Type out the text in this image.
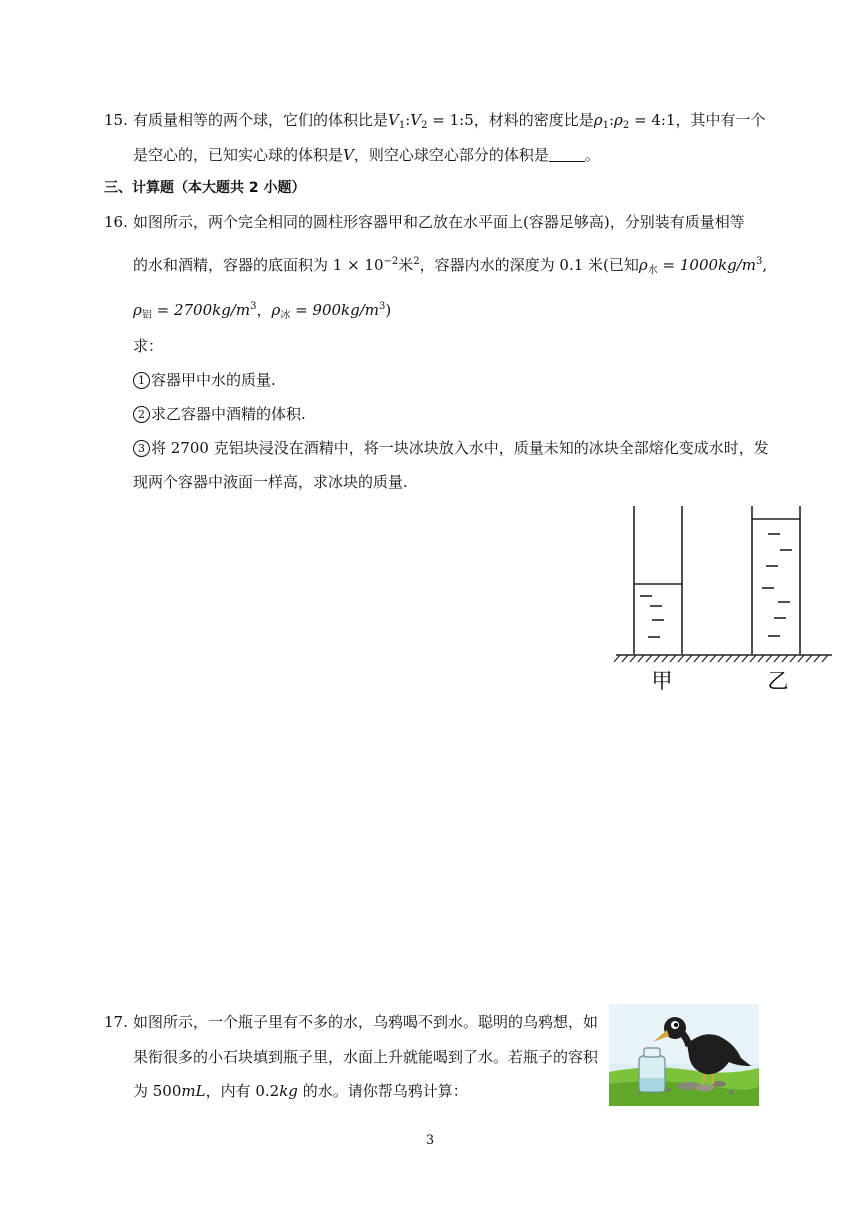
15. 有质量相等的两个球，它们的体积比是$V_1:V_2$ = 1:5，材料的密度比是$\rho_1:\rho_2$ = 4:1，其中有一个
是空心的，已知实心球的体积是V，则空心球空心部分的体积是 。
三、计算题（本大题共 2 小题）
16. 如图所示，两个完全相同的圆柱形容器甲和乙放在水平面上(容器足够高)，分别装有质量相等
的水和酒精，容器的底面积为 $1 \times 10^{-2}$米$^2$，容器内水的深度为 0.1 米(已知$\rho_水 = 1000kg/m^3$,
$\rho_铝 = 2700kg/m^3$，$\rho_冰 = 900kg/m^3$)
求：
1 容器甲中水的质量.
2 求乙容器中酒精的体积.
3 将 2700 克铝块浸没在酒精中，将一块冰块放入水中，质量未知的冰块全部熔化变成水时，发
现两个容器中液面一样高，求冰块的质量.
甲	乙
17. 如图所示，一个瓶子里有不多的水，乌鸦喝不到水。聪明的乌鸦想，如
果衔很多的小石块填到瓶子里，水面上升就能喝到了水。若瓶子的容积
为 500mL，内有 0.2kg 的水。请你帮乌鸦计算：
3
